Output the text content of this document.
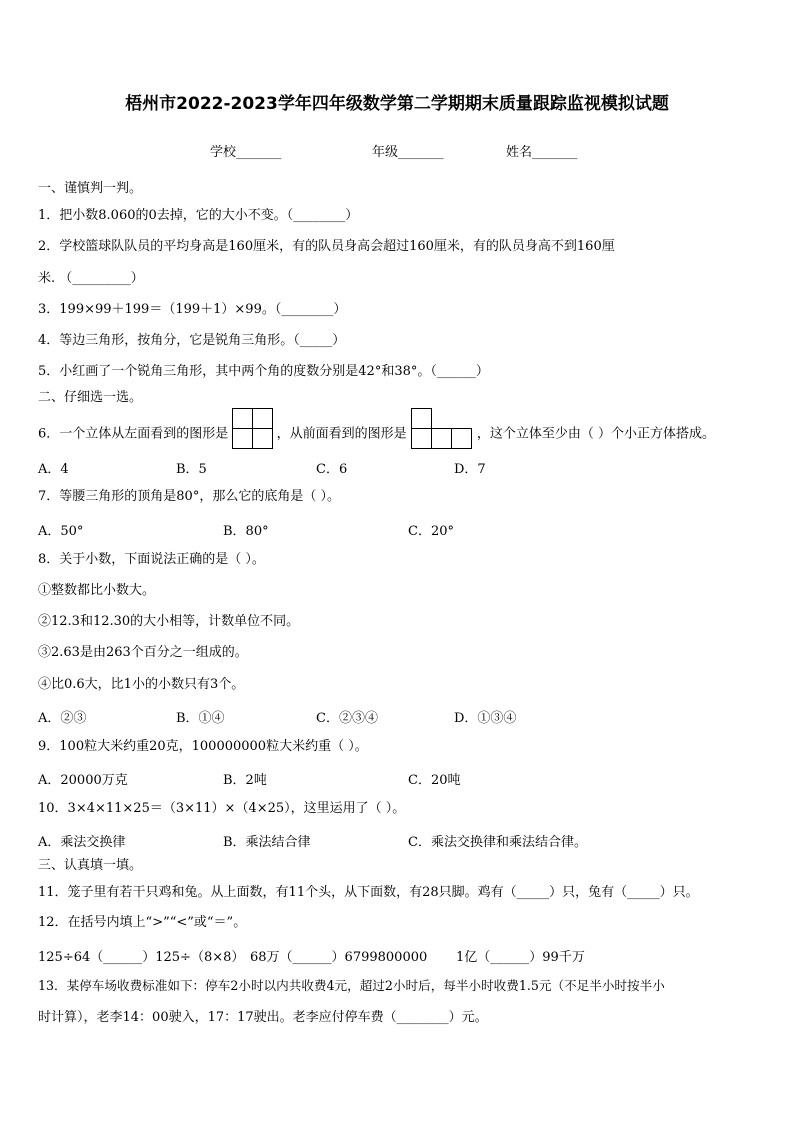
梧州市2022-2023学年四年级数学第二学期期末质量跟踪监视模拟试题
学校_______	年级_______	姓名_______
一、谨慎判一判。
1．把小数8.060的0去掉，它的大小不变。（________）
2．学校篮球队队员的平均身高是160厘米，有的队员身高会超过160厘米，有的队员身高不到160厘
米. （_________）
3．199×99＋199＝（199＋1）×99。（________）
4．等边三角形，按角分，它是锐角三角形。（_____）
5．小红画了一个锐角三角形，其中两个角的度数分别是42°和38°。（______）
二、仔细选一选。
6．一个立体从左面看到的图形是	，从前面看到的图形是	，这个立体至少由（ ）个小正方体搭成。
A．4	B．5	C．6	D．7
7．等腰三角形的顶角是80°，那么它的底角是（ ）。
A．50°	B．80°	C．20°
8．关于小数，下面说法正确的是（ ）。
①整数都比小数大。
②12.3和12.30的大小相等，计数单位不同。
③2.63是由263个百分之一组成的。
④比0.6大，比1小的小数只有3个。
A．②③	B．①④	C．②③④	D．①③④
9．100粒大米约重20克，100000000粒大米约重（ ）。
A．20000万克	B．2吨	C．20吨
10．3×4×11×25＝（3×11）×（4×25），这里运用了（ ）。
A．乘法交换律	B．乘法结合律	C．乘法交换律和乘法结合律。
三、认真填一填。
11．笼子里有若干只鸡和兔。从上面数，有11个头，从下面数，有28只脚。鸡有（_____）只，兔有（_____）只。
12．在括号内填上“>”“<”或“＝”。
125÷64（______）125÷（8×8） 68万（______）6799800000 1亿（______）99千万
13．某停车场收费标准如下：停车2小时以内共收费4元，超过2小时后，每半小时收费1.5元（不足半小时按半小
时计算），老李14：00驶入，17：17驶出。老李应付停车费（________）元。
